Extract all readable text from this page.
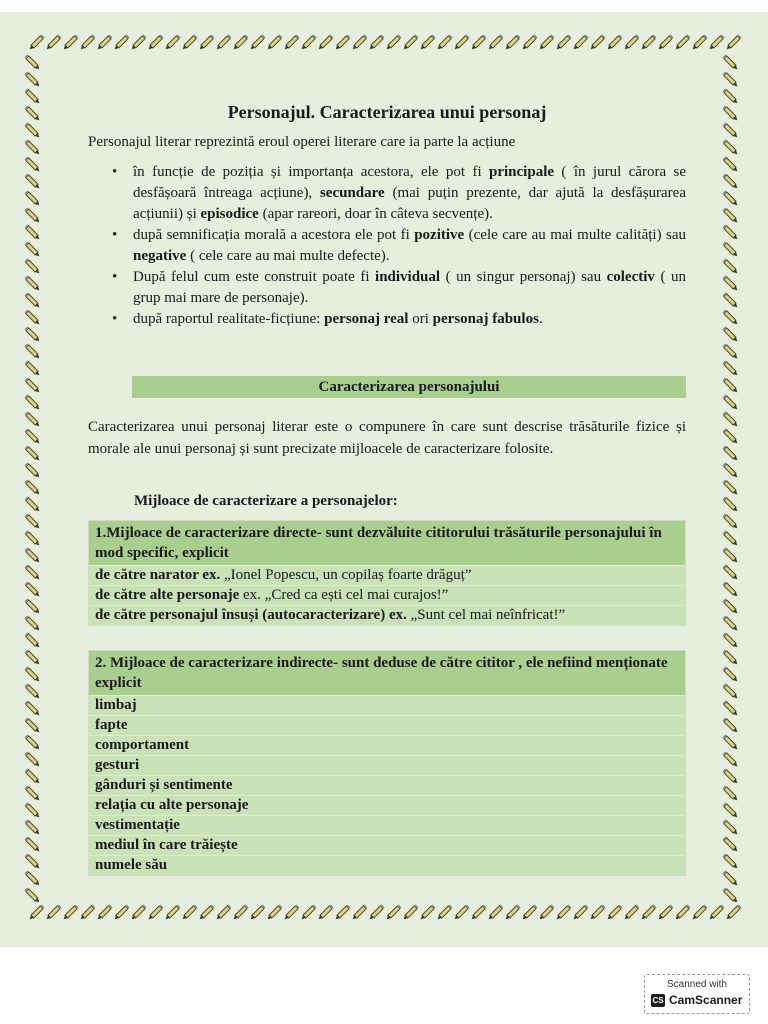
Personajul. Caracterizarea unui personaj
Personajul literar reprezintă eroul operei literare care ia parte la acțiune
• în funcție de poziția și importanța acestora, ele pot fi principale ( în jurul cărora se desfășoară întreaga acțiune), secundare (mai puțin prezente, dar ajută la desfășurarea acțiunii) și episodice (apar rareori, doar în câteva secvențe).
• după semnificația morală a acestora ele pot fi pozitive (cele care au mai multe calități) sau negative ( cele care au mai multe defecte).
• După felul cum este construit poate fi individual ( un singur personaj) sau colectiv ( un grup mai mare de personaje).
• după raportul realitate-ficțiune: personaj real ori personaj fabulos.
Caracterizarea personajului
Caracterizarea unui personaj literar este o compunere în care sunt descrise trăsăturile fizice și morale ale unui personaj și sunt precizate mijloacele de caracterizare folosite.
Mijloace de caracterizare a personajelor:
1.Mijloace de caracterizare directe- sunt dezvăluite cititorului trăsăturile personajului în mod specific, explicit
de către narator ex. „Ionel Popescu, un copilaș foarte drăguț”
de către alte personaje ex. „Cred ca ești cel mai curajos!”
de către personajul însuși (autocaracterizare) ex. „Sunt cel mai neînfricat!”
2. Mijloace de caracterizare indirecte- sunt deduse de către cititor , ele nefiind menționate explicit
limbaj
fapte
comportament
gesturi
gânduri și sentimente
relația cu alte personaje
vestimentație
mediul în care trăiește
numele său
Scanned with
CS CamScanner
